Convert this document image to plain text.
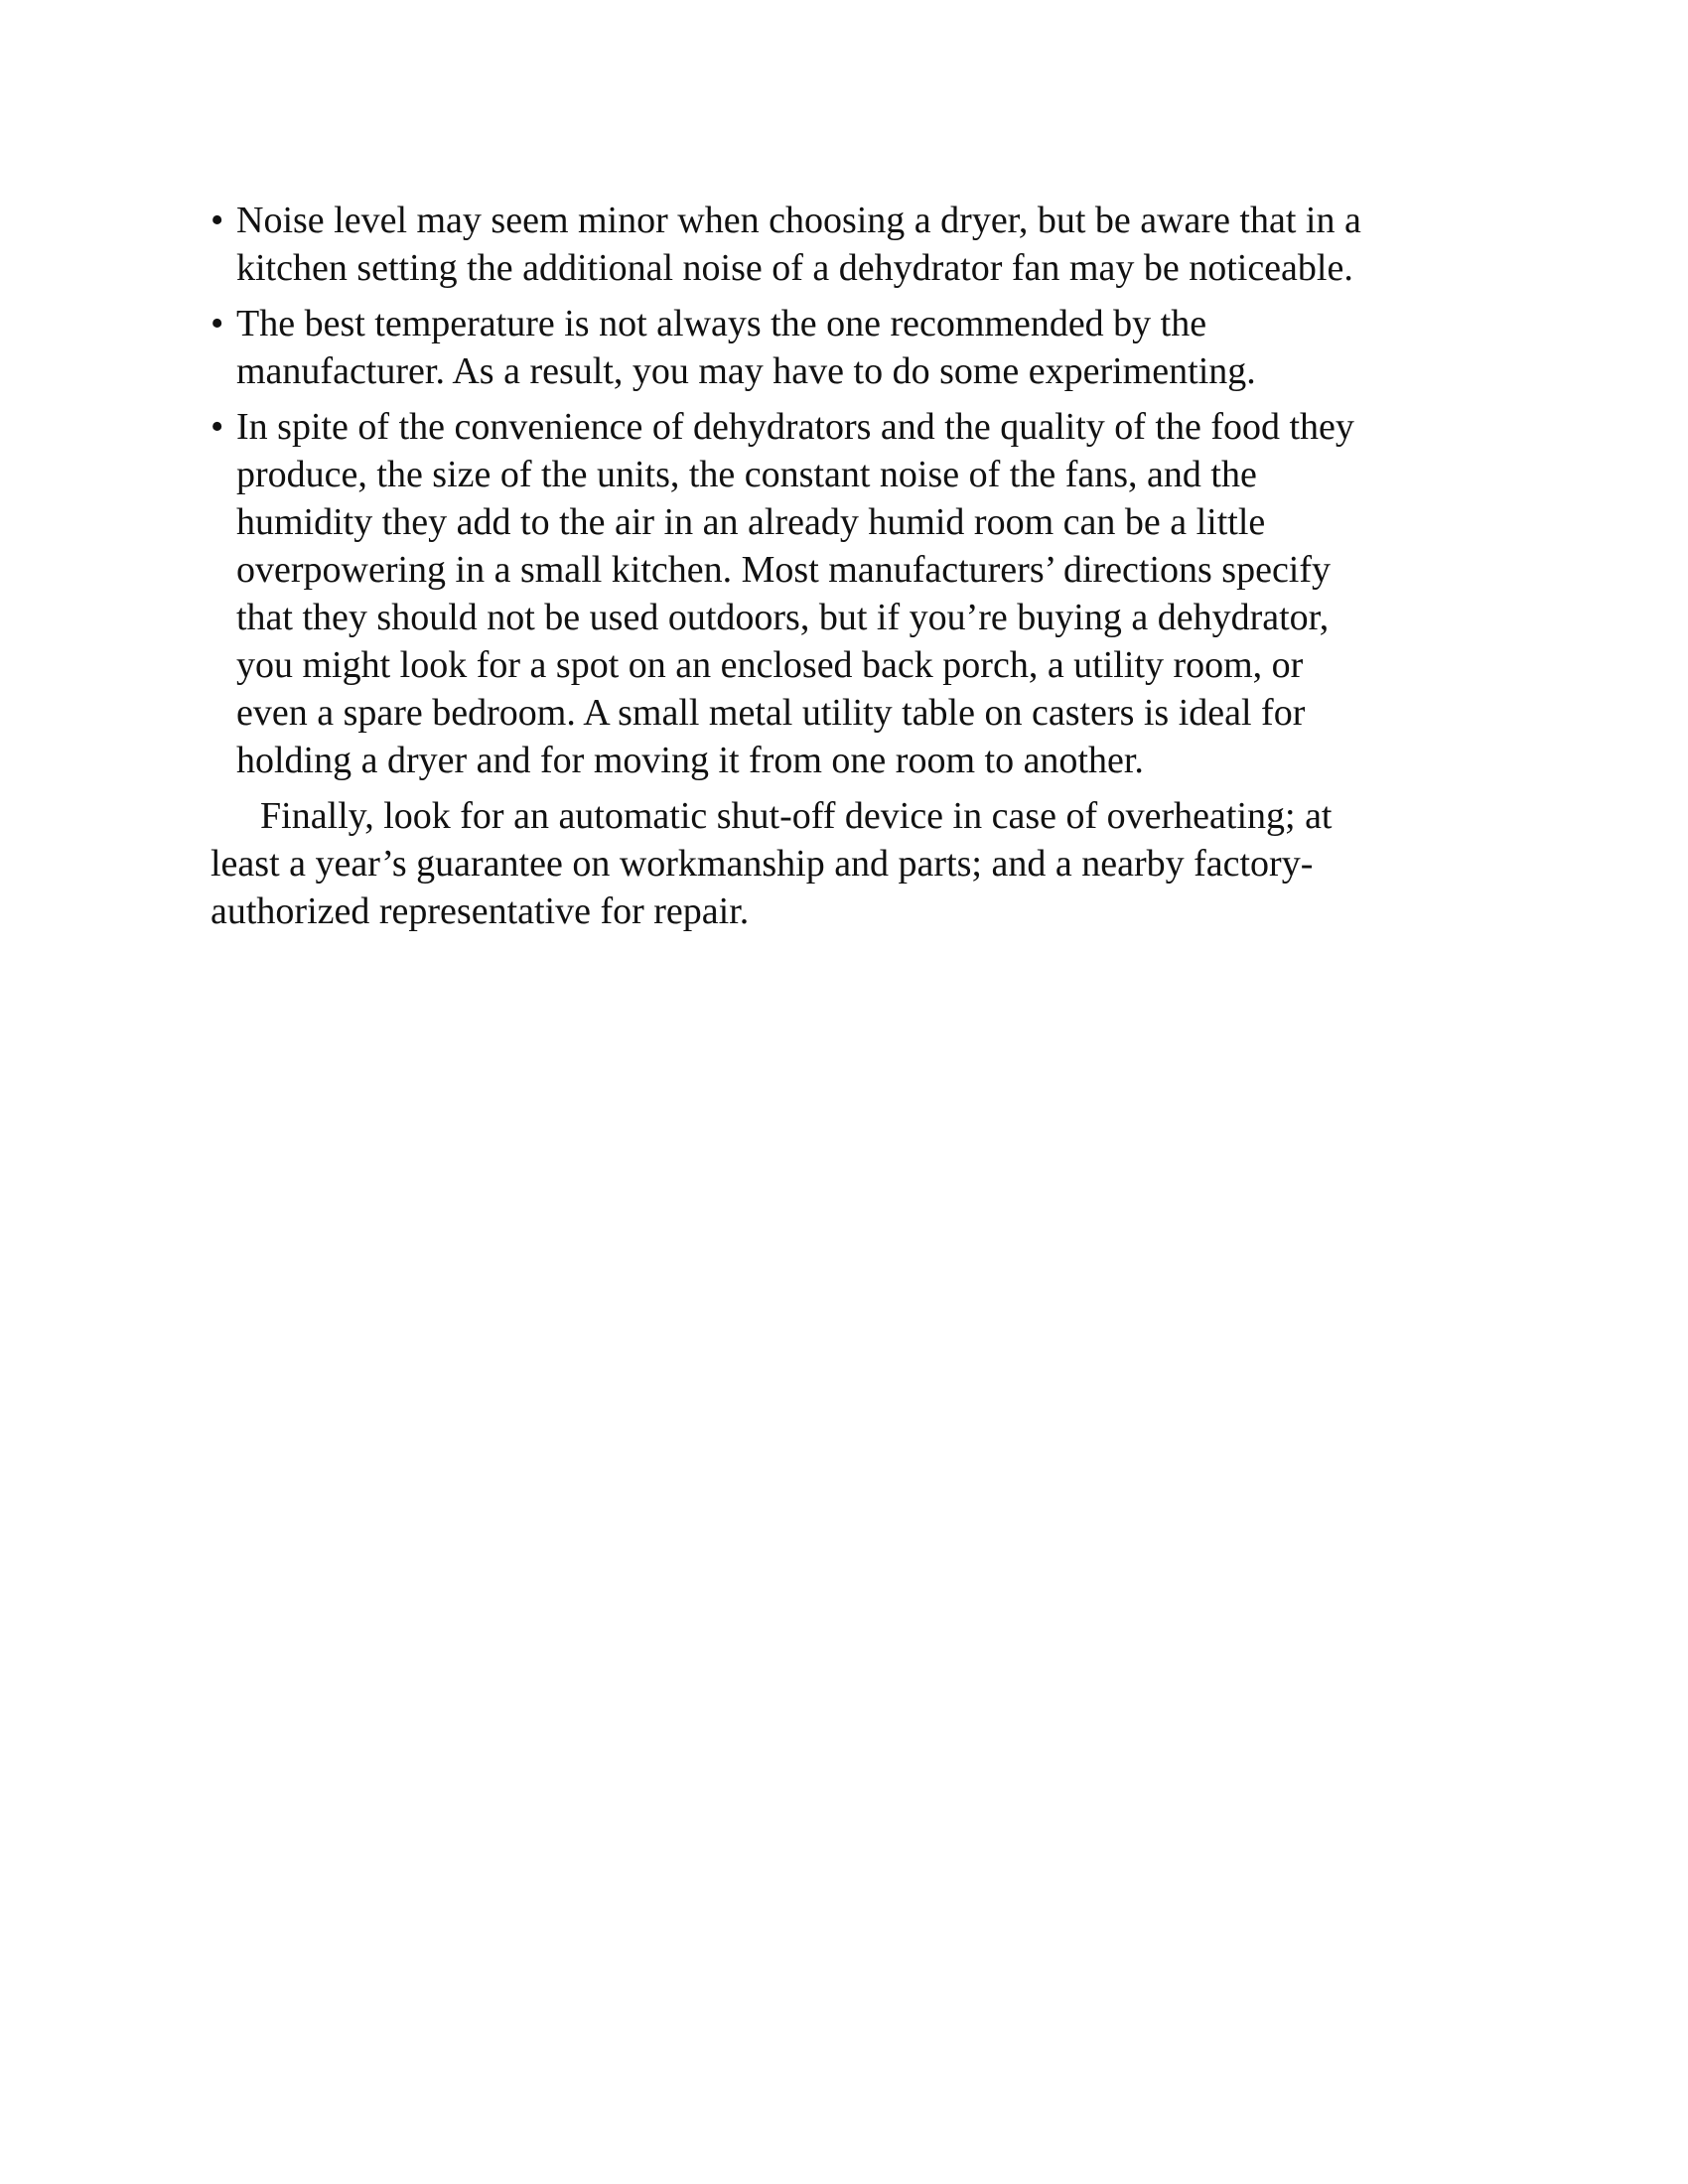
• Noise level may seem minor when choosing a dryer, but be aware that in a
kitchen setting the additional noise of a dehydrator fan may be noticeable.
• The best temperature is not always the one recommended by the
manufacturer. As a result, you may have to do some experimenting.
• In spite of the convenience of dehydrators and the quality of the food they
produce, the size of the units, the constant noise of the fans, and the
humidity they add to the air in an already humid room can be a little
overpowering in a small kitchen. Most manufacturers’ directions specify
that they should not be used outdoors, but if you’re buying a dehydrator,
you might look for a spot on an enclosed back porch, a utility room, or
even a spare bedroom. A small metal utility table on casters is ideal for
holding a dryer and for moving it from one room to another.

Finally, look for an automatic shut-off device in case of overheating; at
least a year’s guarantee on workmanship and parts; and a nearby factory-
authorized representative for repair.
